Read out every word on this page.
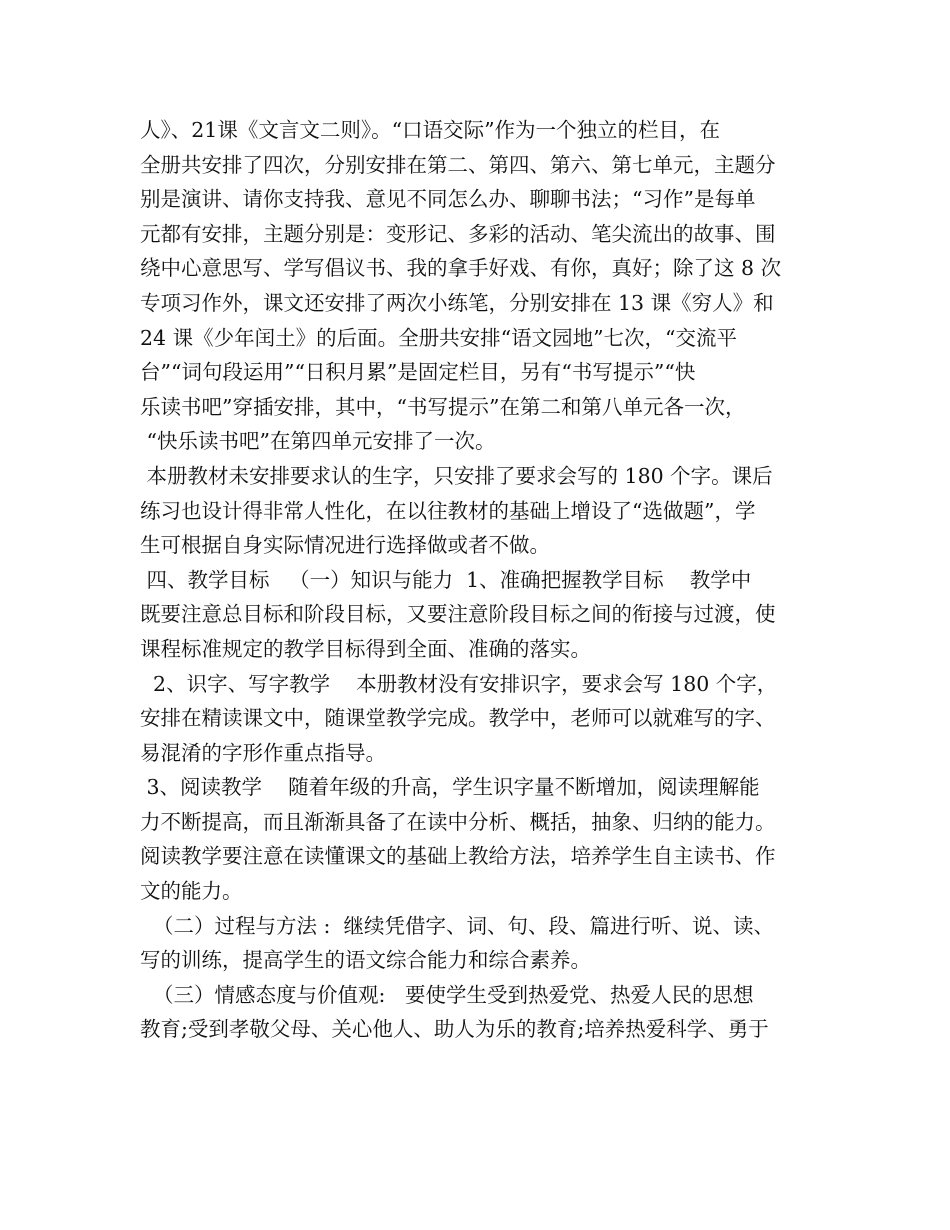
人》、21课《文言文二则》。“口语交际”作为一个独立的栏目，在
全册共安排了四次，分别安排在第二、第四、第六、第七单元，主题分
别是演讲、请你支持我、意见不同怎么办、聊聊书法；“习作”是每单
元都有安排，主题分别是：变形记、多彩的活动、笔尖流出的故事、围
绕中心意思写、学写倡议书、我的拿手好戏、有你，真好；除了这 8 次
专项习作外，课文还安排了两次小练笔，分别安排在 13 课《穷人》和
24 课《少年闰土》的后面。全册共安排“语文园地”七次，“交流平
台”“词句段运用”“日积月累”是固定栏目，另有“书写提示”“快
乐读书吧”穿插安排，其中，“书写提示”在第二和第八单元各一次，
“快乐读书吧”在第四单元安排了一次。
本册教材未安排要求认的生字，只安排了要求会写的 180 个字。课后
练习也设计得非常人性化，在以往教材的基础上增设了“选做题”，学
生可根据自身实际情况进行选择做或者不做。
四、教学目标   （一）知识与能力  1、准确把握教学目标    教学中
既要注意总目标和阶段目标，又要注意阶段目标之间的衔接与过渡，使
课程标准规定的教学目标得到全面、准确的落实。
2、识字、写字教学    本册教材没有安排识字，要求会写 180 个字，
安排在精读课文中，随课堂教学完成。教学中，老师可以就难写的字、
易混淆的字形作重点指导。
3、阅读教学    随着年级的升高，学生识字量不断增加，阅读理解能
力不断提高，而且渐渐具备了在读中分析、概括，抽象、归纳的能力。
阅读教学要注意在读懂课文的基础上教给方法，培养学生自主读书、作
文的能力。
（二）过程与方法 :  继续凭借字、词、句、段、篇进行听、说、读、
写的训练，提高学生的语文综合能力和综合素养。
（三）情感态度与价值观:   要使学生受到热爱党、热爱人民的思想
教育;受到孝敬父母、关心他人、助人为乐的教育;培养热爱科学、勇于
